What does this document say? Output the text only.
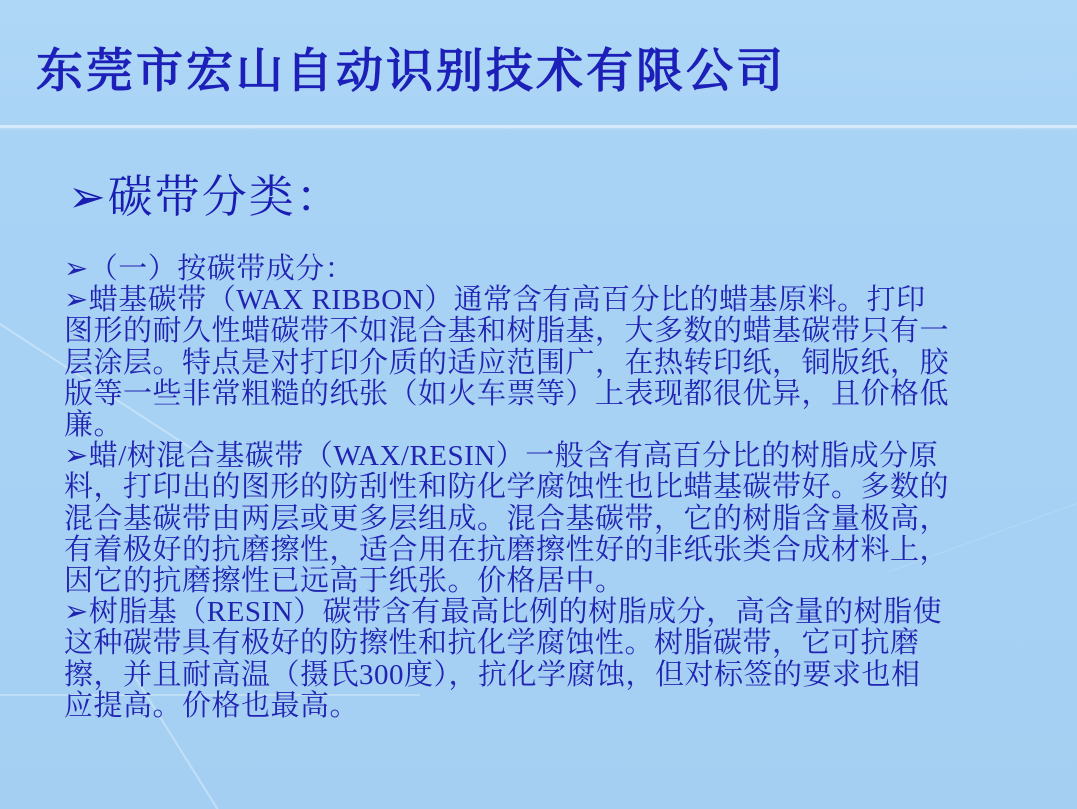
东莞市宏山自动识别技术有限公司
➢碳带分类：
➢（一）按碳带成分：
➢蜡基碳带（WAX RIBBON）通常含有高百分比的蜡基原料。打印
图形的耐久性蜡碳带不如混合基和树脂基，大多数的蜡基碳带只有一
层涂层。特点是对打印介质的适应范围广，在热转印纸，铜版纸，胶
版等一些非常粗糙的纸张（如火车票等）上表现都很优异，且价格低
廉。
➢蜡/树混合基碳带（WAX/RESIN）一般含有高百分比的树脂成分原
料，打印出的图形的防刮性和防化学腐蚀性也比蜡基碳带好。多数的
混合基碳带由两层或更多层组成。混合基碳带，它的树脂含量极高，
有着极好的抗磨擦性，适合用在抗磨擦性好的非纸张类合成材料上，
因它的抗磨擦性已远高于纸张。价格居中。
➢树脂基（RESIN）碳带含有最高比例的树脂成分，高含量的树脂使
这种碳带具有极好的防擦性和抗化学腐蚀性。树脂碳带，它可抗磨
擦，并且耐高温（摄氏300度），抗化学腐蚀，但对标签的要求也相
应提高。价格也最高。
